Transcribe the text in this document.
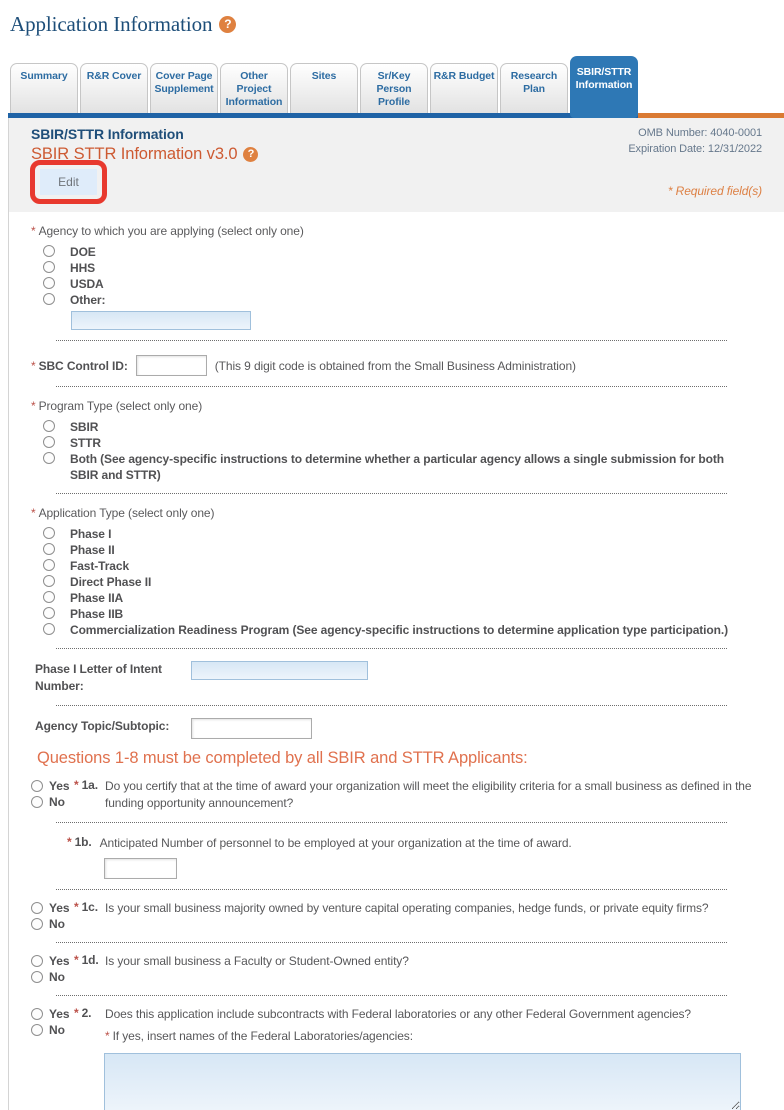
Application Information ?
Summary	R&R Cover	Cover Page Supplement
Other Project Information
Sites	Sr/Key Person Profile
R&R Budget	Research Plan
SBIR/STTR Information
SBIR/STTR Information
SBIR STTR Information v3.0 ?
OMB Number: 4040-0001
Expiration Date: 12/31/2022
Edit
* Required field(s)
* Agency to which you are applying (select only one)
DOE
HHS
USDA
Other:
* SBC Control ID:	(This 9 digit code is obtained from the Small Business Administration)
* Program Type (select only one)
SBIR
STTR
Both (See agency-specific instructions to determine whether a particular agency allows a single submission for both SBIR and STTR)
* Application Type (select only one)
Phase I
Phase II
Fast-Track
Direct Phase II
Phase IIA
Phase IIB
Commercialization Readiness Program (See agency-specific instructions to determine application type participation.)
Phase I Letter of Intent Number:
Agency Topic/Subtopic:
Questions 1-8 must be completed by all SBIR and STTR Applicants:
Yes
No
* 1a. Do you certify that at the time of award your organization will meet the eligibility criteria for a small business as defined in the funding opportunity announcement?
* 1b. Anticipated Number of personnel to be employed at your organization at the time of award.
Yes
No
* 1c. Is your small business majority owned by venture capital operating companies, hedge funds, or private equity firms?
Yes
No
* 1d. Is your small business a Faculty or Student-Owned entity?
Yes
No
* 2.	Does this application include subcontracts with Federal laboratories or any other Federal Government agencies?
* If yes, insert names of the Federal Laboratories/agencies:
